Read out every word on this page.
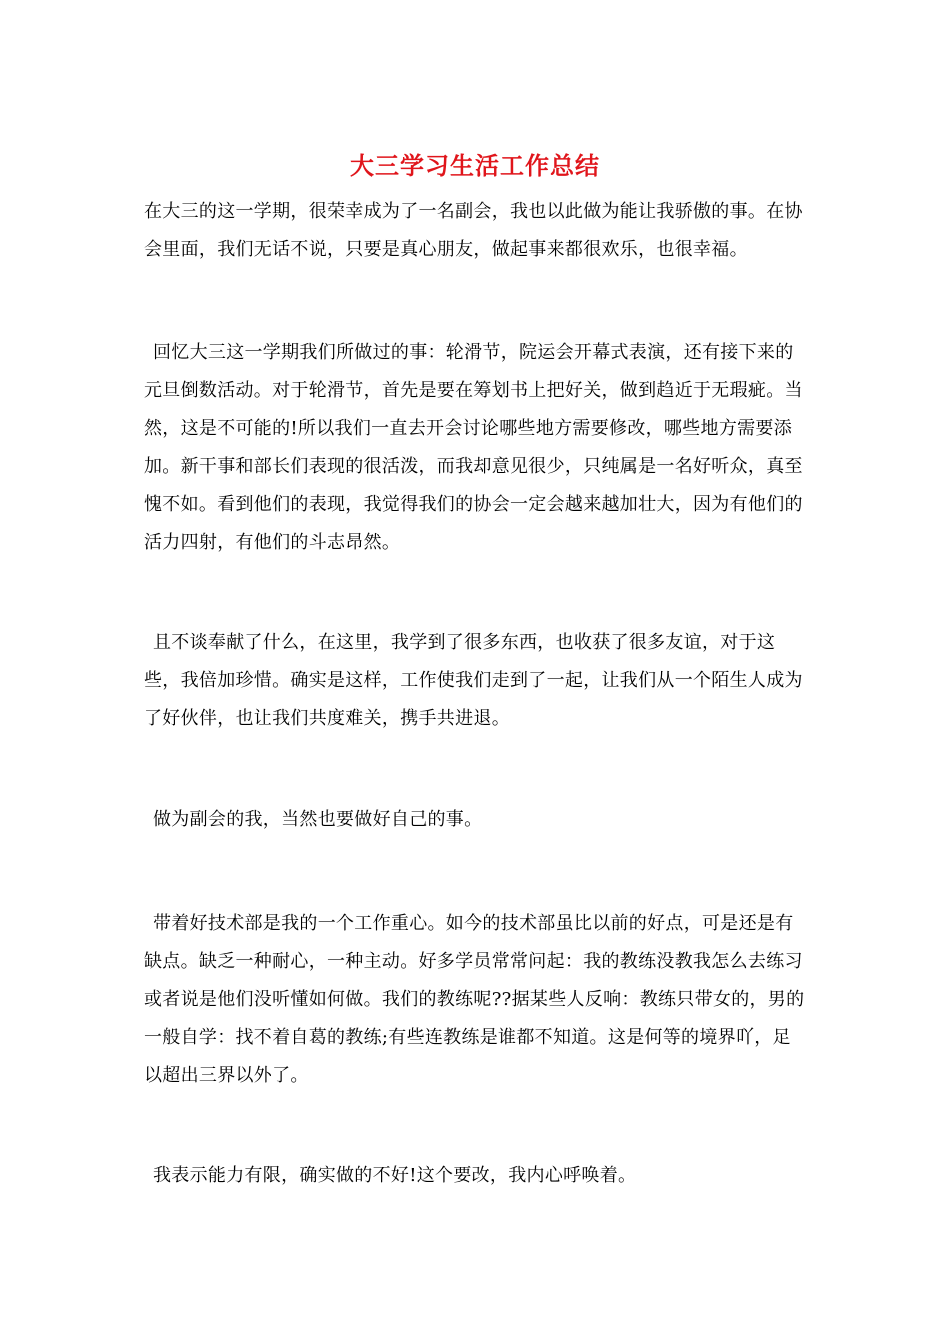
大三学习生活工作总结

在大三的这一学期，很荣幸成为了一名副会，我也以此做为能让我骄傲的事。在协会里面，我们无话不说，只要是真心朋友，做起事来都很欢乐，也很幸福。

回忆大三这一学期我们所做过的事：轮滑节，院运会开幕式表演，还有接下来的元旦倒数活动。对于轮滑节，首先是要在筹划书上把好关，做到趋近于无瑕疵。当然，这是不可能的!所以我们一直去开会讨论哪些地方需要修改，哪些地方需要添加。新干事和部长们表现的很活泼，而我却意见很少，只纯属是一名好听众，真至愧不如。看到他们的表现，我觉得我们的协会一定会越来越加壮大，因为有他们的活力四射，有他们的斗志昂然。

且不谈奉献了什么，在这里，我学到了很多东西，也收获了很多友谊，对于这些，我倍加珍惜。确实是这样，工作使我们走到了一起，让我们从一个陌生人成为了好伙伴，也让我们共度难关，携手共进退。

做为副会的我，当然也要做好自己的事。

带着好技术部是我的一个工作重心。如今的技术部虽比以前的好点，可是还是有缺点。缺乏一种耐心，一种主动。好多学员常常问起：我的教练没教我怎么去练习或者说是他们没听懂如何做。我们的教练呢??据某些人反响：教练只带女的，男的一般自学：找不着自葛的教练;有些连教练是谁都不知道。这是何等的境界吖，足以超出三界以外了。

我表示能力有限，确实做的不好!这个要改，我内心呼唤着。
